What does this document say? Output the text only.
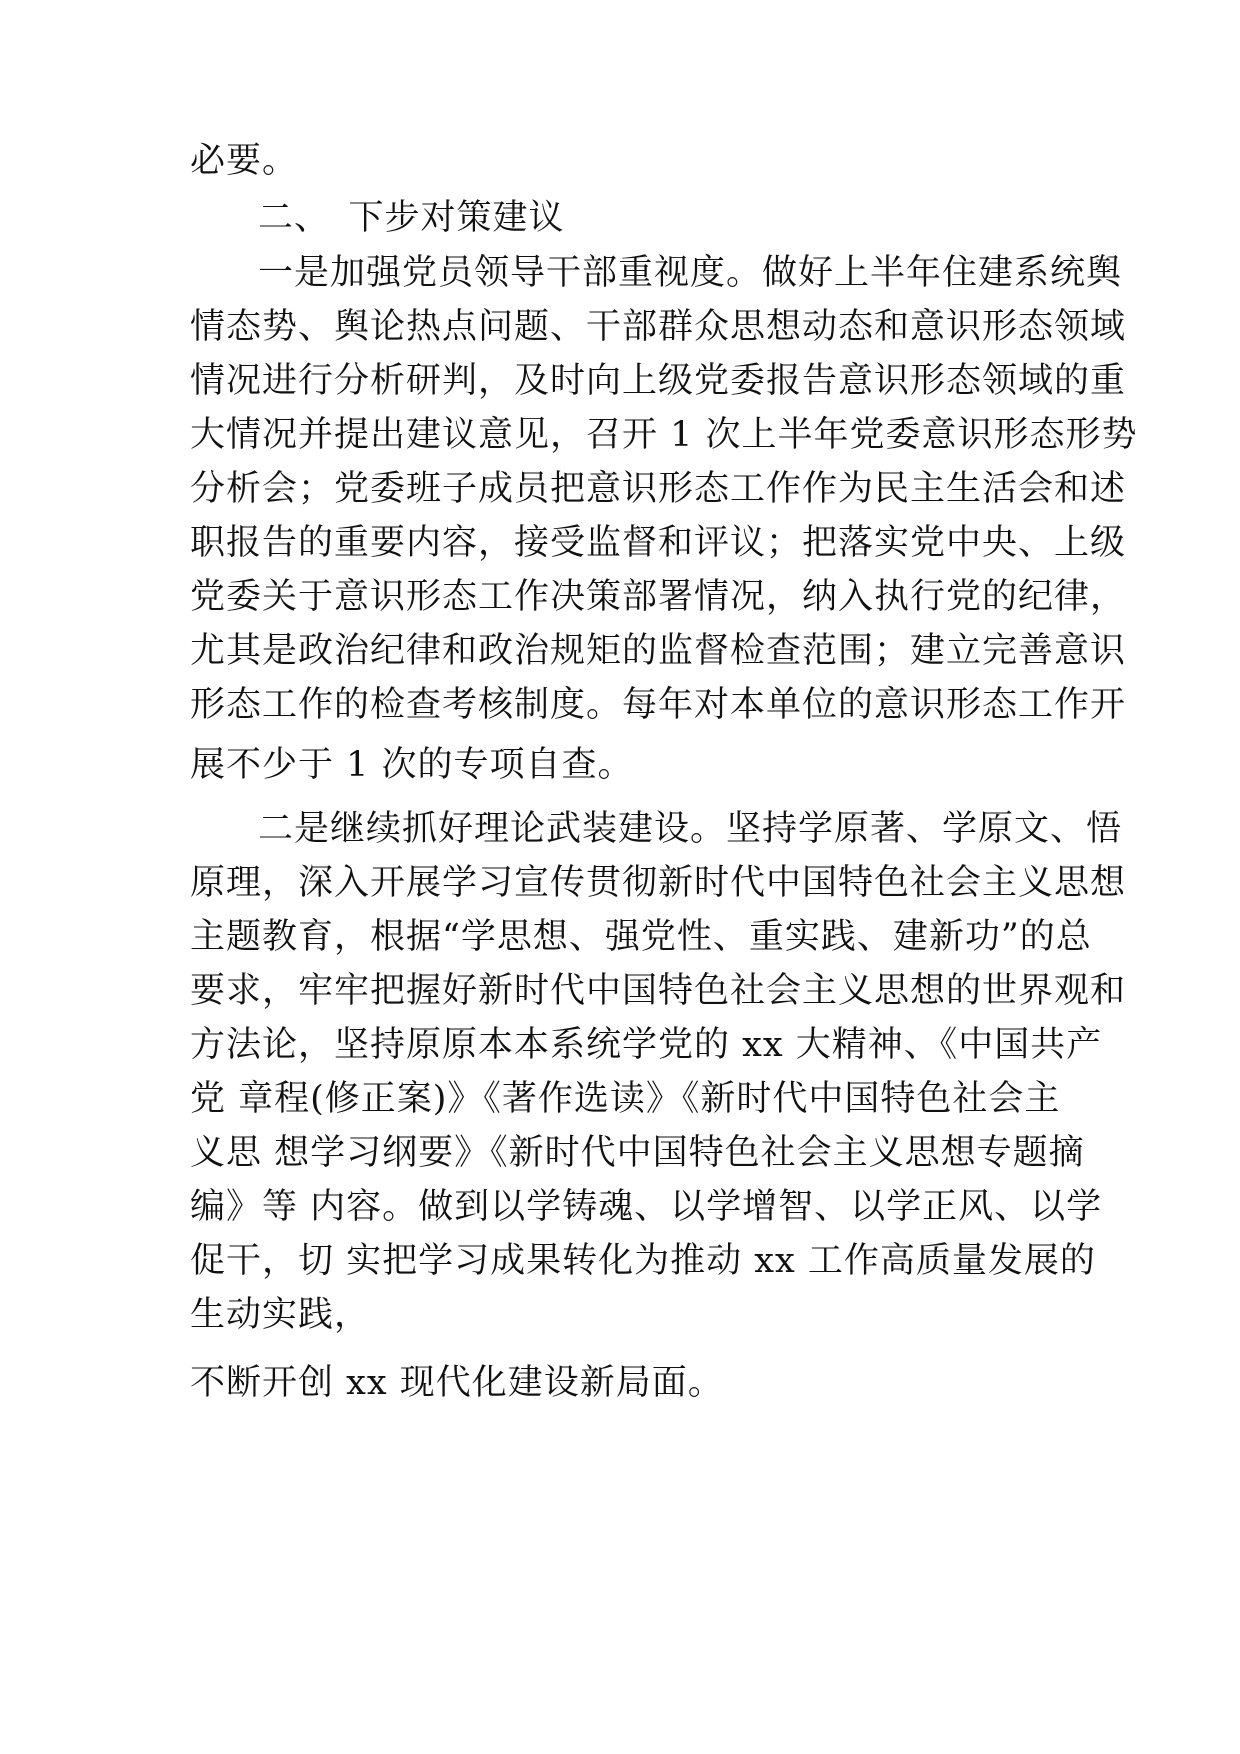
必要。
二、　下步对策建议
一是加强党员领导干部重视度。做好上半年住建系统舆
情态势、舆论热点问题、干部群众思想动态和意识形态领域
情况进行分析研判，及时向上级党委报告意识形态领域的重
大情况并提出建议意见，召开 1 次上半年党委意识形态形势
分析会；党委班子成员把意识形态工作作为民主生活会和述
职报告的重要内容，接受监督和评议；把落实党中央、上级
党委关于意识形态工作决策部署情况，纳入执行党的纪律，
尤其是政治纪律和政治规矩的监督检查范围；建立完善意识
形态工作的检查考核制度。每年对本单位的意识形态工作开
展不少于 1 次的专项自查。
二是继续抓好理论武装建设。坚持学原著、学原文、悟
原理，深入开展学习宣传贯彻新时代中国特色社会主义思想
主题教育，根据“学思想、强党性、重实践、建新功”的总
要求，牢牢把握好新时代中国特色社会主义思想的世界观和
方法论，坚持原原本本系统学党的 xx 大精神、《中国共产
党 章程(修正案)》《著作选读》《新时代中国特色社会主
义思 想学习纲要》《新时代中国特色社会主义思想专题摘
编》等 内容。做到以学铸魂、以学增智、以学正风、以学
促干，切 实把学习成果转化为推动 xx 工作高质量发展的
生动实践，
不断开创 xx 现代化建设新局面。
